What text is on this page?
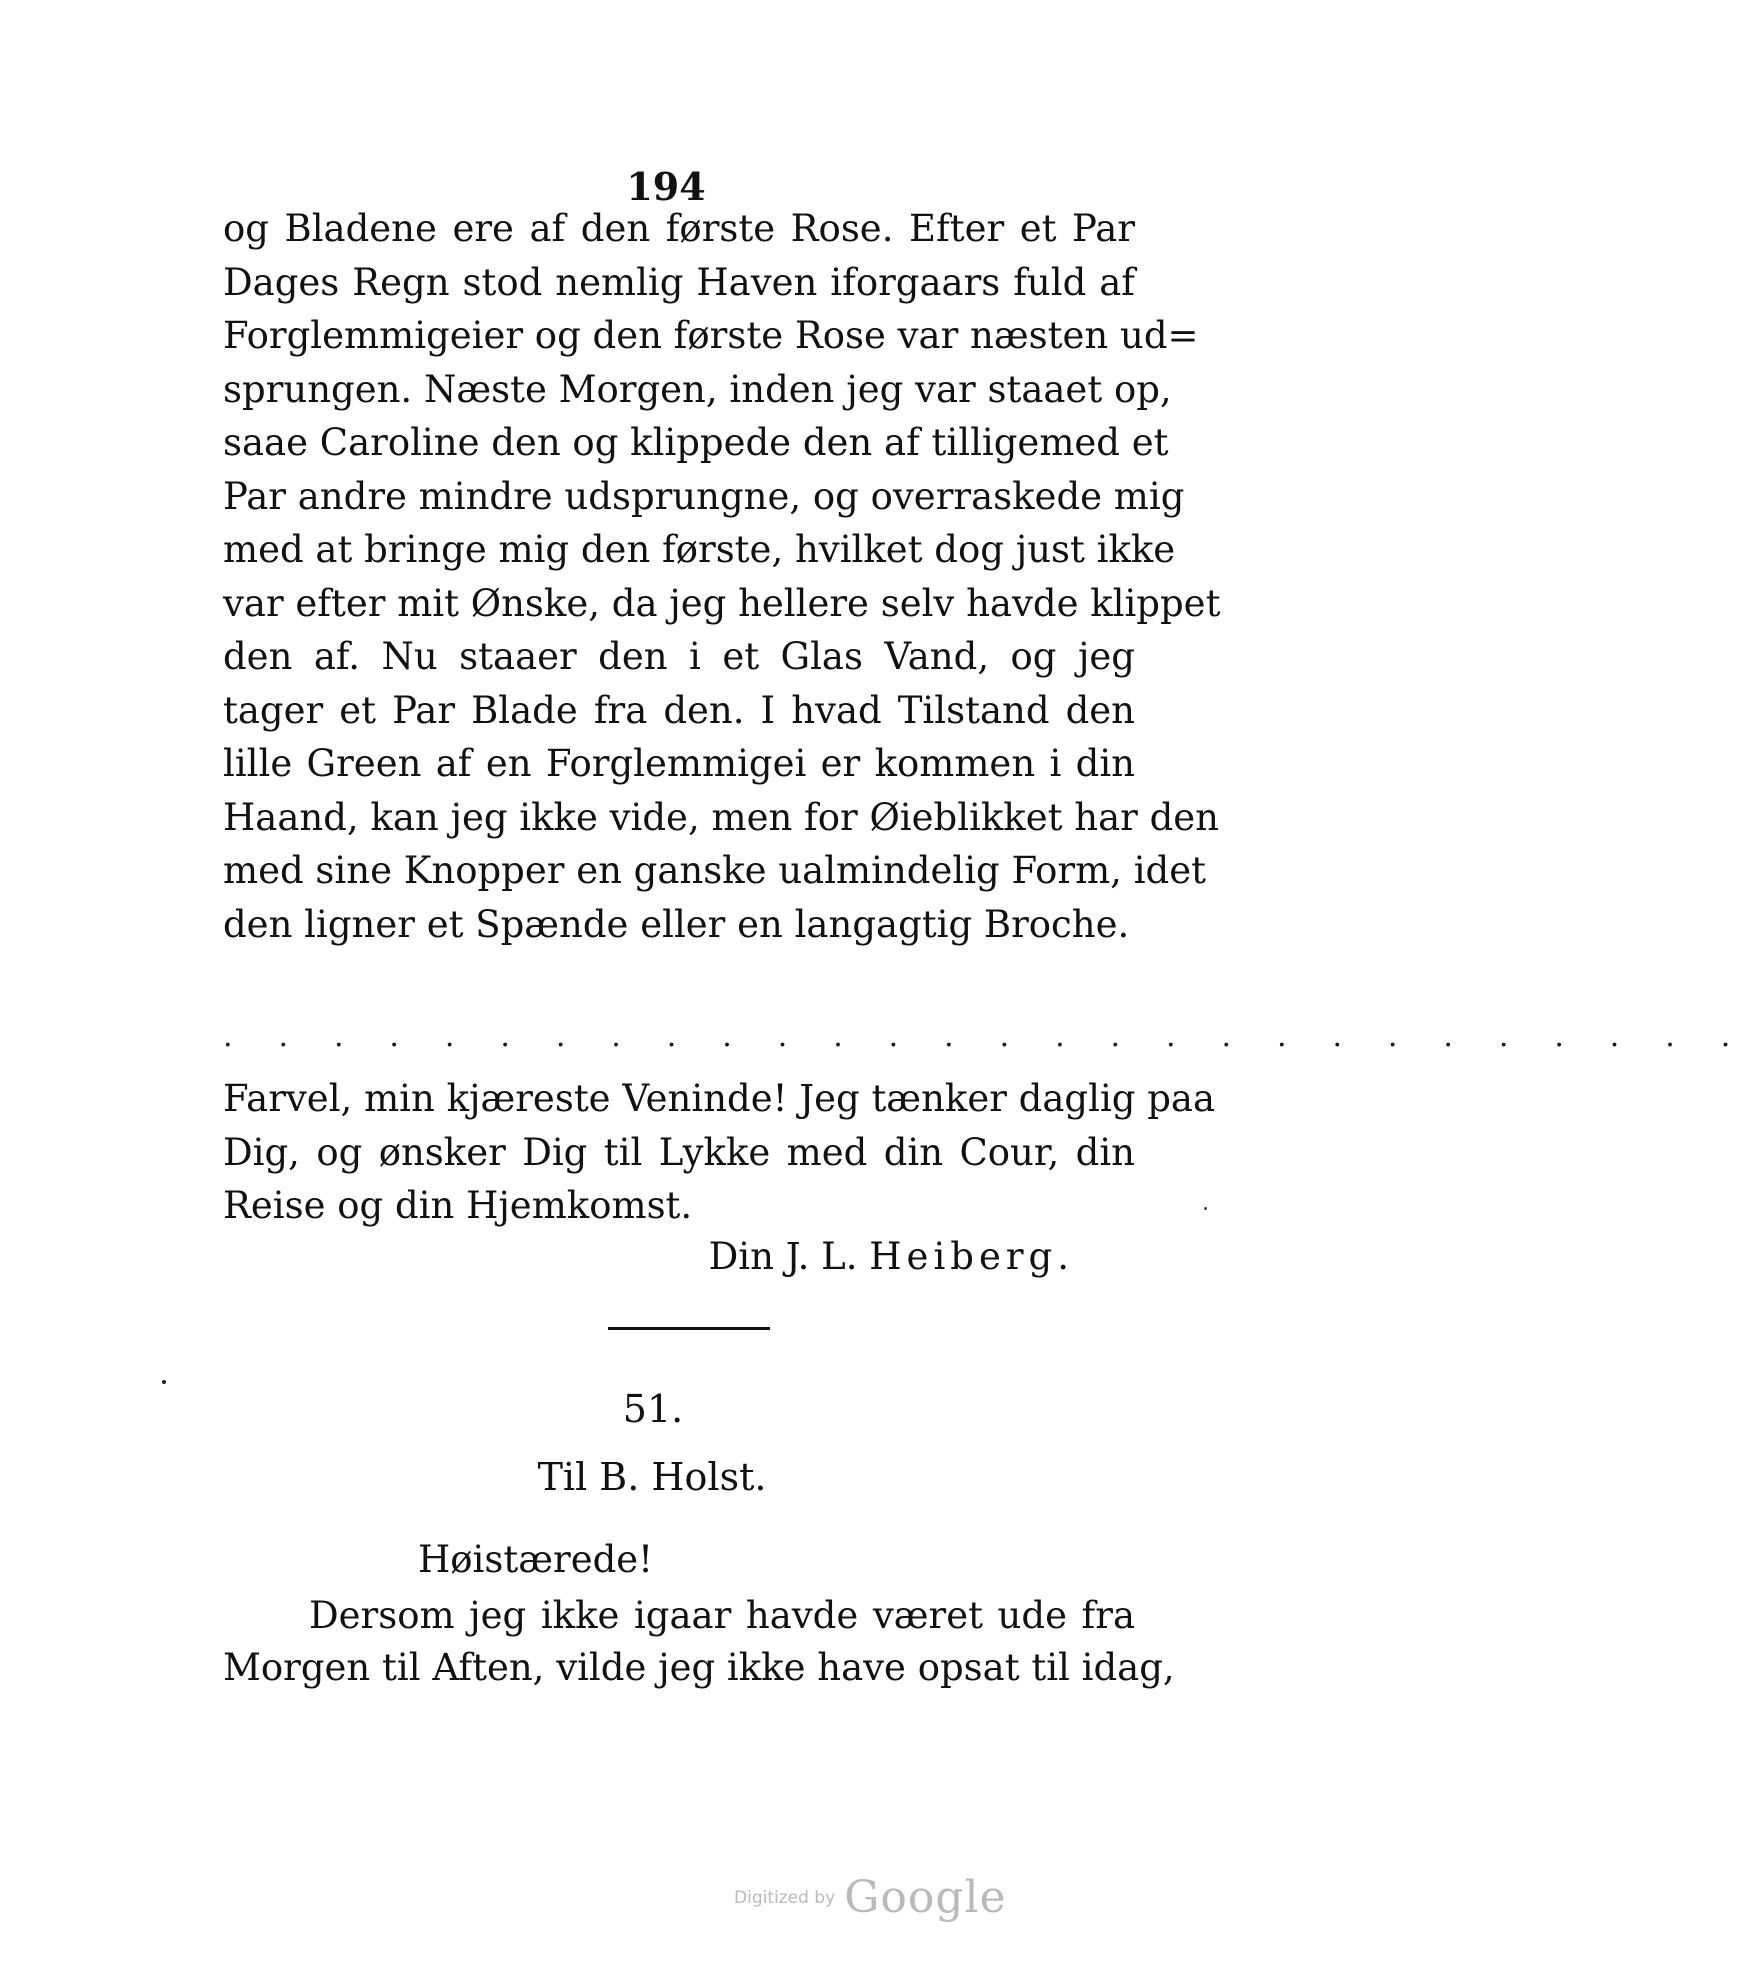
194
og Bladene ere af den første Rose. Efter et Par
Dages Regn stod nemlig Haven iforgaars fuld af
Forglemmigeier og den første Rose var næsten ud=
sprungen. Næste Morgen, inden jeg var staaet op,
saae Caroline den og klippede den af tilligemed et
Par andre mindre udsprungne, og overraskede mig
med at bringe mig den første, hvilket dog just ikke
var efter mit Ønske, da jeg hellere selv havde klippet
den af. Nu staaer den i et Glas Vand, og jeg
tager et Par Blade fra den. I hvad Tilstand den
lille Green af en Forglemmigei er kommen i din
Haand, kan jeg ikke vide, men for Øieblikket har den
med sine Knopper en ganske ualmindelig Form, idet
den ligner et Spænde eller en langagtig Broche.
. . . . . . . . . . . . . . . . . . . . . . . . . . . .
Farvel, min kjæreste Veninde! Jeg tænker daglig paa
Dig, og ønsker Dig til Lykke med din Cour, din
Reise og din Hjemkomst.
Din J. L. Heiberg.
51.
Til B. Holst.
Høistærede!
Dersom jeg ikke igaar havde været ude fra
Morgen til Aften, vilde jeg ikke have opsat til idag,
Digitized by Google
